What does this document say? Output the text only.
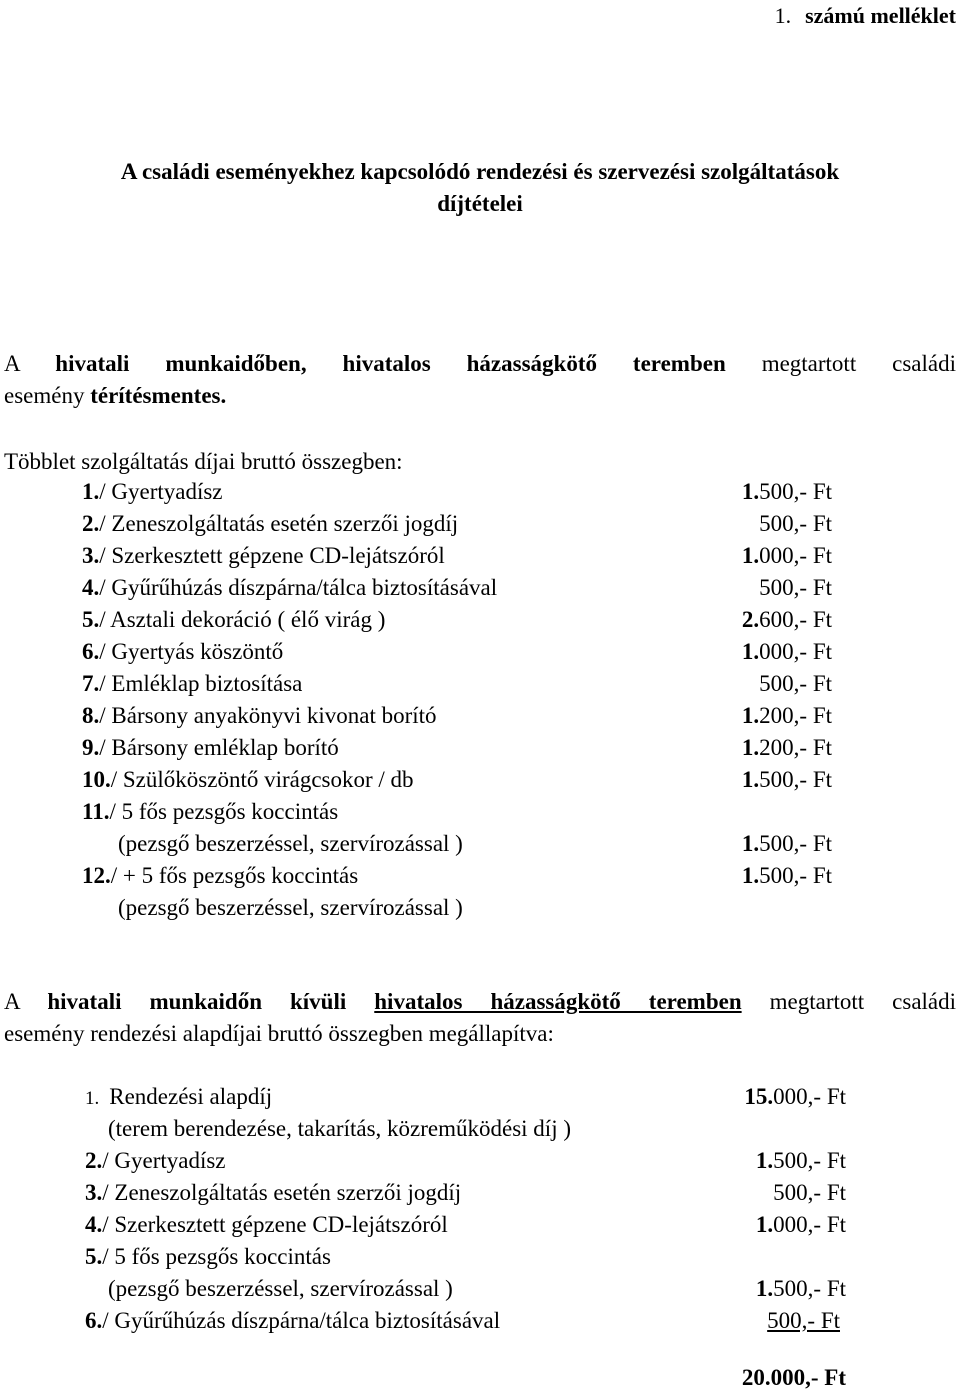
1. számú melléklet
A családi eseményekhez kapcsolódó rendezési és szervezési szolgáltatások
díjtételei
A hivatali munkaidőben, hivatalos házasságkötő teremben megtartott családi
esemény térítésmentes.
Többlet szolgáltatás díjai bruttó összegben:
1./ Gyertyadísz	1.500,- Ft
2./ Zeneszolgáltatás esetén szerzői jogdíj	500,- Ft
3./ Szerkesztett gépzene CD-lejátszóról	1.000,- Ft
4./ Gyűrűhúzás díszpárna/tálca biztosításával	500,- Ft
5./ Asztali dekoráció ( élő virág )	2.600,- Ft
6./ Gyertyás köszöntő	1.000,- Ft
7./ Emléklap biztosítása	500,- Ft
8./ Bársony anyakönyvi kivonat borító	1.200,- Ft
9./ Bársony emléklap borító	1.200,- Ft
10./ Szülőköszöntő virágcsokor / db	1.500,- Ft
11./ 5 fős pezsgős koccintás
(pezsgő beszerzéssel, szervírozással )	1.500,- Ft
12./ + 5 fős pezsgős koccintás	1.500,- Ft
(pezsgő beszerzéssel, szervírozással )
A hivatali munkaidőn kívüli hivatalos házasságkötő teremben megtartott családi
esemény rendezési alapdíjai bruttó összegben megállapítva:
1. Rendezési alapdíj	15.000,- Ft
(terem berendezése, takarítás, közreműködési díj )
2./ Gyertyadísz	1.500,- Ft
3./ Zeneszolgáltatás esetén szerzői jogdíj	500,- Ft
4./ Szerkesztett gépzene CD-lejátszóról	1.000,- Ft
5./ 5 fős pezsgős koccintás
(pezsgő beszerzéssel, szervírozással )	1.500,- Ft
6./ Gyűrűhúzás díszpárna/tálca biztosításával	500,- Ft
20.000,- Ft
